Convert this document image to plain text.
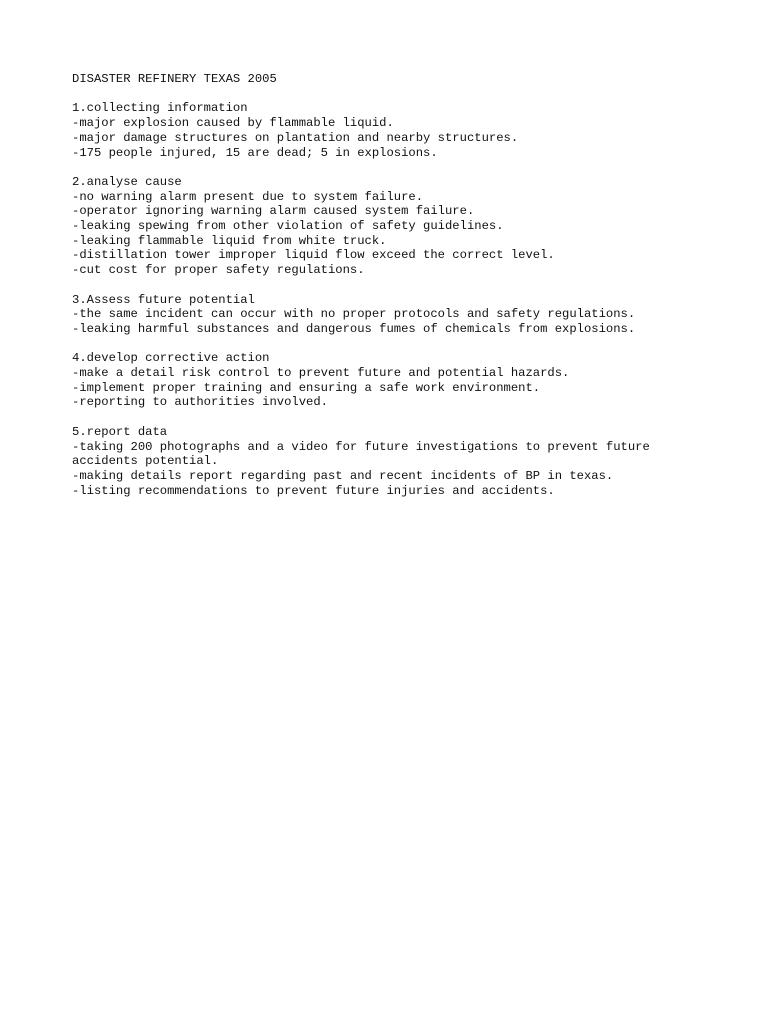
DISASTER REFINERY TEXAS 2005
1.collecting information
-major explosion caused by flammable liquid.
-major damage structures on plantation and nearby structures.
-175 people injured, 15 are dead; 5 in explosions.
2.analyse cause
-no warning alarm present due to system failure.
-operator ignoring warning alarm caused system failure.
-leaking spewing from other violation of safety guidelines.
-leaking flammable liquid from white truck.
-distillation tower improper liquid flow exceed the correct level.
-cut cost for proper safety regulations.
3.Assess future potential
-the same incident can occur with no proper protocols and safety regulations.
-leaking harmful substances and dangerous fumes of chemicals from explosions.
4.develop corrective action
-make a detail risk control to prevent future and potential hazards.
-implement proper training and ensuring a safe work environment.
-reporting to authorities involved.
5.report data
-taking 200 photographs and a video for future investigations to prevent future accidents potential.
-making details report regarding past and recent incidents of BP in texas.
-listing recommendations to prevent future injuries and accidents.
